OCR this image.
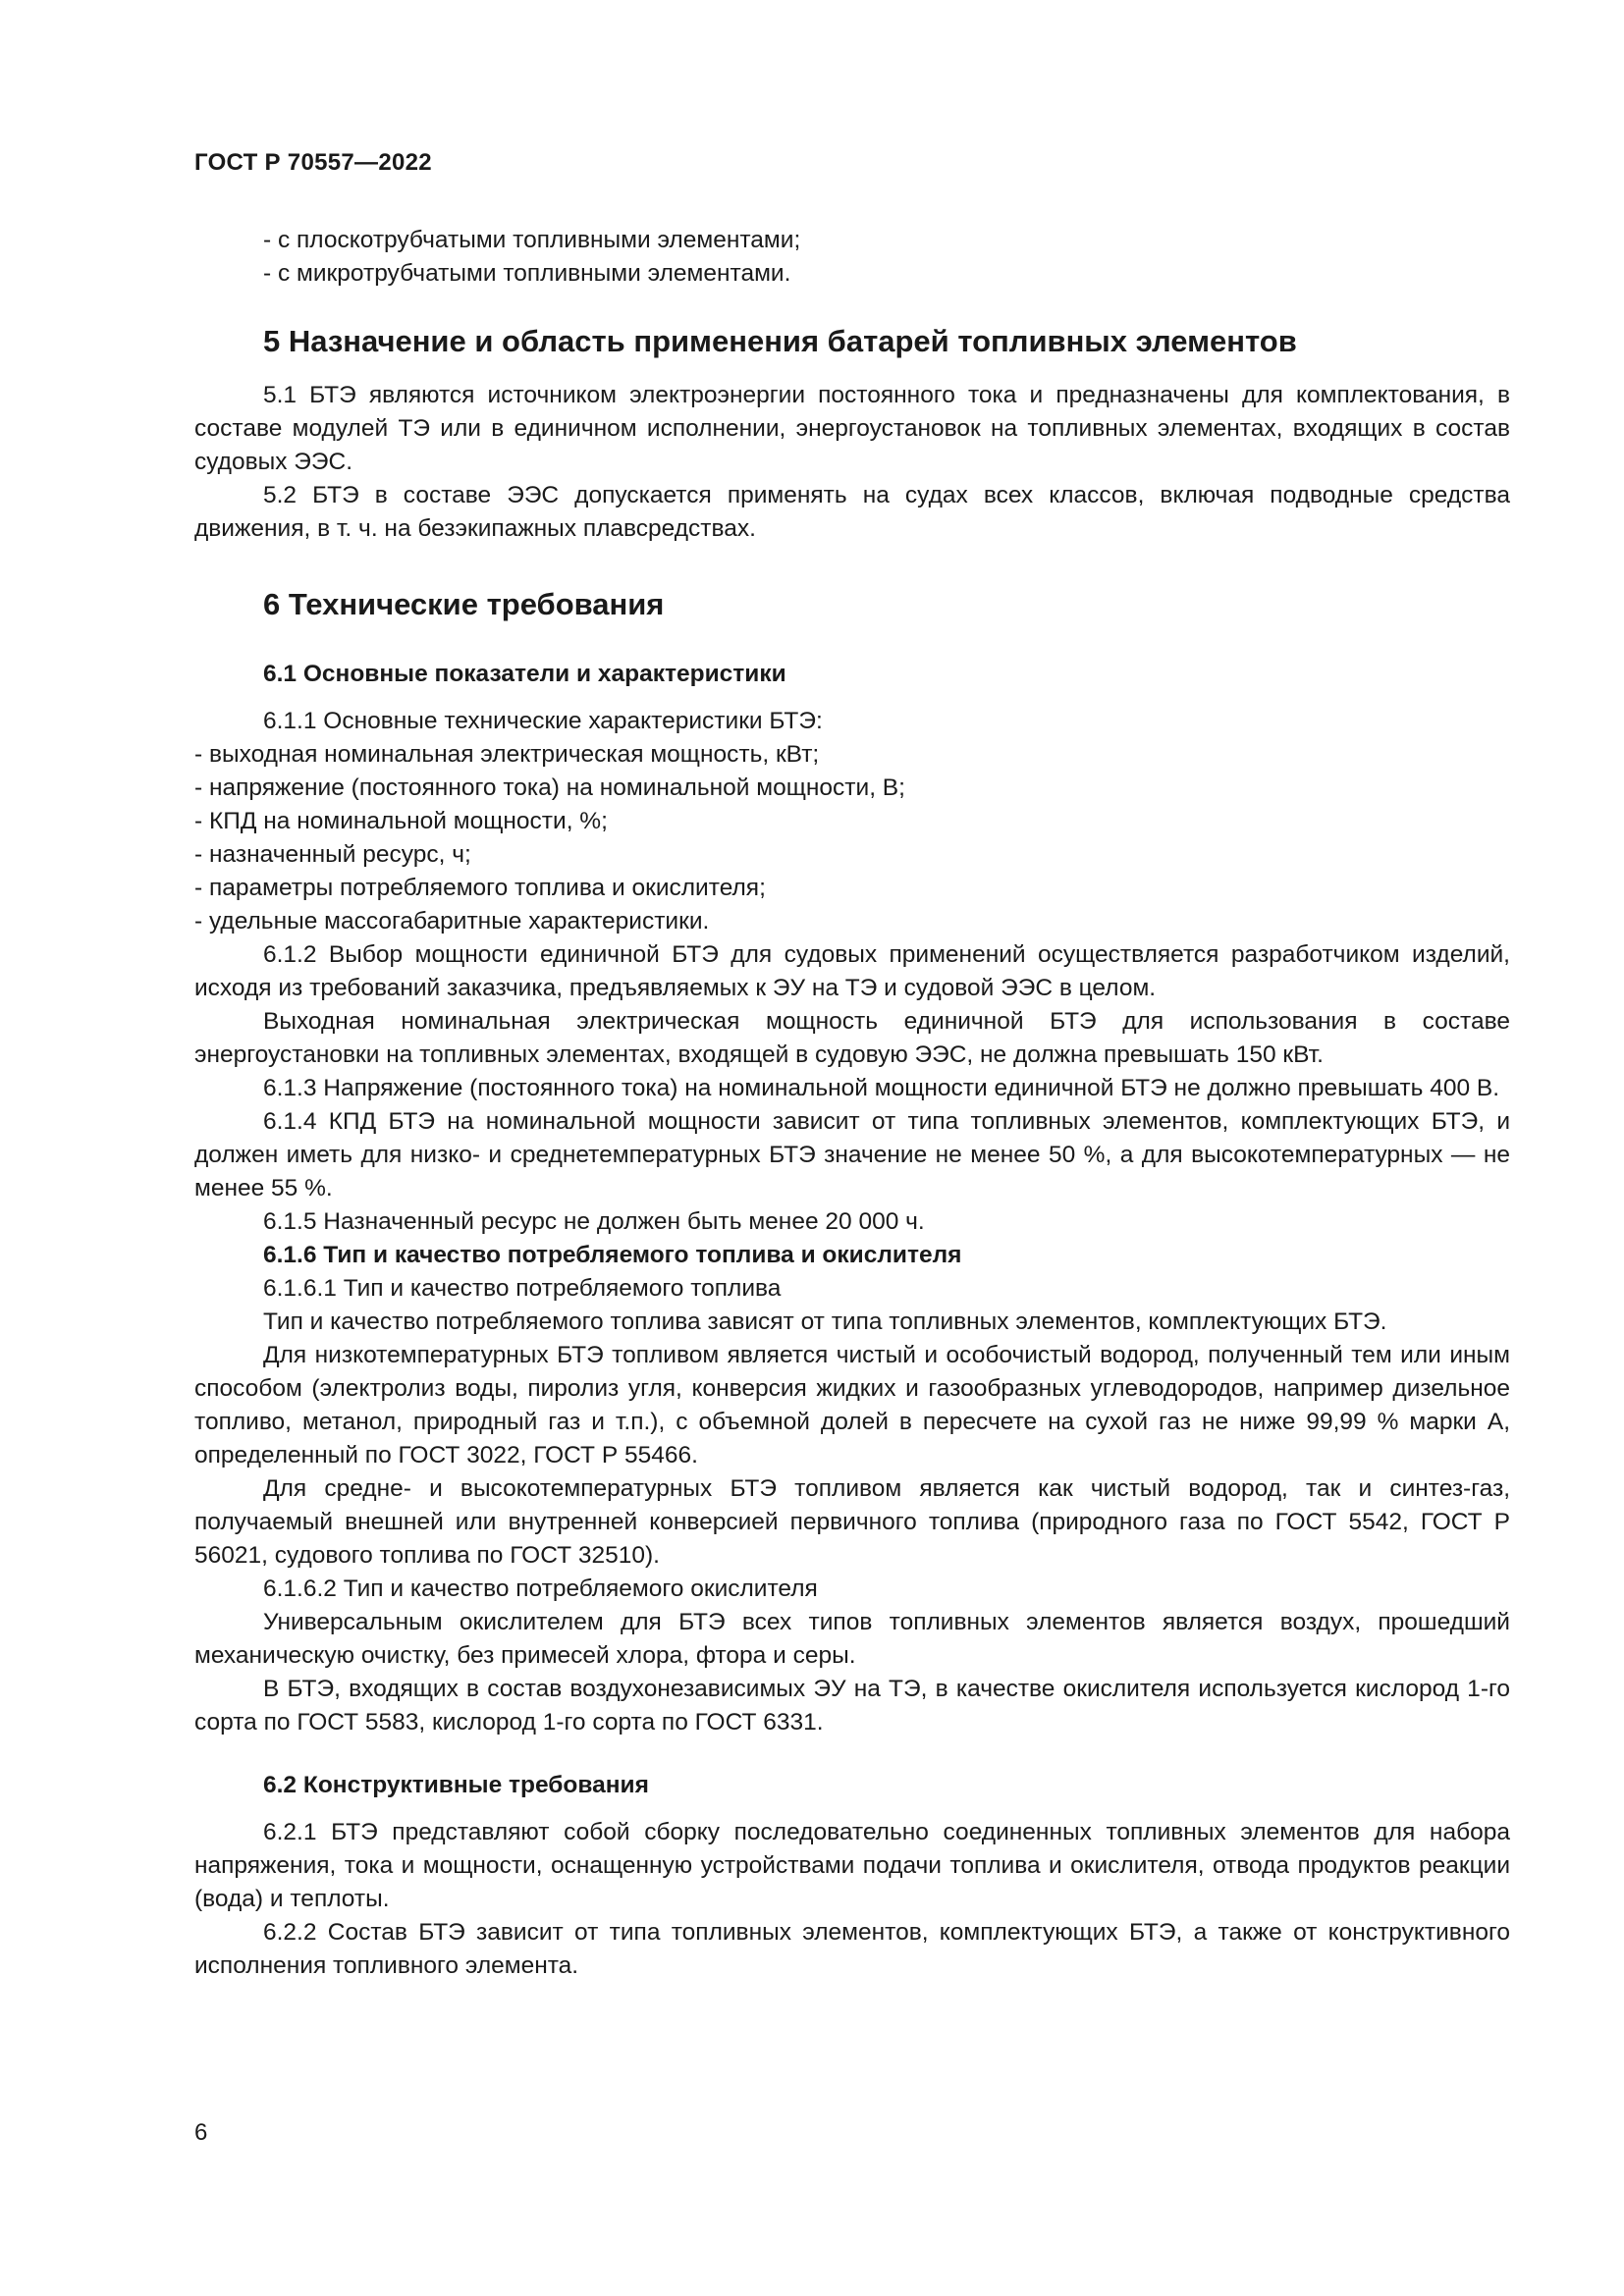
ГОСТ Р 70557—2022

- с плоскотрубчатыми топливными элементами;

- с микротрубчатыми топливными элементами.

5 Назначение и область применения батарей топливных элементов

5.1 БТЭ являются источником электроэнергии постоянного тока и предназначены для комплектования, в составе модулей ТЭ или в единичном исполнении, энергоустановок на топливных элементах, входящих в состав судовых ЭЭС.

5.2 БТЭ в составе ЭЭС допускается применять на судах всех классов, включая подводные средства движения, в т. ч. на безэкипажных плавсредствах.

6 Технические требования
6.1 Основные показатели и характеристики

6.1.1 Основные технические характеристики БТЭ:

- выходная номинальная электрическая мощность, кВт;

- напряжение (постоянного тока) на номинальной мощности, В;

- КПД на номинальной мощности, %;

- назначенный ресурс, ч;

- параметры потребляемого топлива и окислителя;

- удельные массогабаритные характеристики.

6.1.2 Выбор мощности единичной БТЭ для судовых применений осуществляется разработчиком изделий, исходя из требований заказчика, предъявляемых к ЭУ на ТЭ и судовой ЭЭС в целом.

Выходная номинальная электрическая мощность единичной БТЭ для использования в составе энергоустановки на топливных элементах, входящей в судовую ЭЭС, не должна превышать 150 кВт.

6.1.3 Напряжение (постоянного тока) на номинальной мощности единичной БТЭ не должно превышать 400 В.

6.1.4 КПД БТЭ на номинальной мощности зависит от типа топливных элементов, комплектующих БТЭ, и должен иметь для низко- и среднетемпературных БТЭ значение не менее 50 %, а для высокотемпературных — не менее 55 %.

6.1.5 Назначенный ресурс не должен быть менее 20 000 ч.

6.1.6 Тип и качество потребляемого топлива и окислителя

6.1.6.1 Тип и качество потребляемого топлива

Тип и качество потребляемого топлива зависят от типа топливных элементов, комплектующих БТЭ.

Для низкотемпературных БТЭ топливом является чистый и особочистый водород, полученный тем или иным способом (электролиз воды, пиролиз угля, конверсия жидких и газообразных углеводородов, например дизельное топливо, метанол, природный газ и т.п.), с объемной долей в пересчете на сухой газ не ниже 99,99 % марки А, определенный по ГОСТ 3022, ГОСТ Р 55466.

Для средне- и высокотемпературных БТЭ топливом является как чистый водород, так и синтез-газ, получаемый внешней или внутренней конверсией первичного топлива (природного газа по ГОСТ 5542, ГОСТ Р 56021, судового топлива по ГОСТ 32510).

6.1.6.2 Тип и качество потребляемого окислителя

Универсальным окислителем для БТЭ всех типов топливных элементов является воздух, прошедший механическую очистку, без примесей хлора, фтора и серы.

В БТЭ, входящих в состав воздухонезависимых ЭУ на ТЭ, в качестве окислителя используется кислород 1-го сорта по ГОСТ 5583, кислород 1-го сорта по ГОСТ 6331.

6.2 Конструктивные требования

6.2.1 БТЭ представляют собой сборку последовательно соединенных топливных элементов для набора напряжения, тока и мощности, оснащенную устройствами подачи топлива и окислителя, отвода продуктов реакции (вода) и теплоты.

6.2.2 Состав БТЭ зависит от типа топливных элементов, комплектующих БТЭ, а также от конструктивного исполнения топливного элемента.

6
